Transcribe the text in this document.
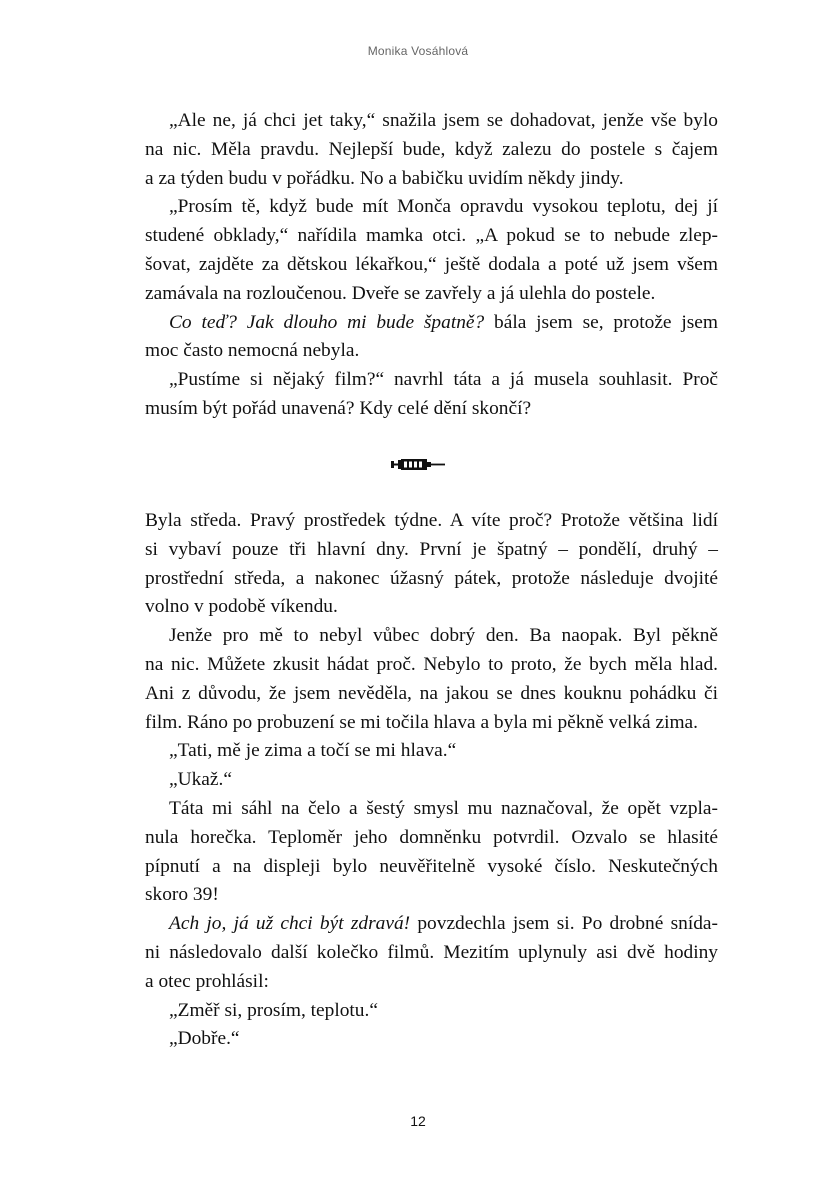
Monika Vosáhlová
„Ale ne, já chci jet taky,“ snažila jsem se dohadovat, jenže vše bylo
na nic. Měla pravdu. Nejlepší bude, když zalezu do postele s čajem
a za týden budu v pořádku. No a babičku uvidím někdy jindy.
„Prosím tě, když bude mít Monča opravdu vysokou teplotu, dej jí
studené obklady,“ nařídila mamka otci. „A pokud se to nebude zlep-
šovat, zajděte za dětskou lékařkou,“ ještě dodala a poté už jsem všem
zamávala na rozloučenou. Dveře se zavřely a já ulehla do postele.
Co teď? Jak dlouho mi bude špatně? bála jsem se, protože jsem
moc často nemocná nebyla.
„Pustíme si nějaký film?“ navrhl táta a já musela souhlasit. Proč
musím být pořád unavená? Kdy celé dění skončí?
Byla středa. Pravý prostředek týdne. A víte proč? Protože většina lidí
si vybaví pouze tři hlavní dny. První je špatný – pondělí, druhý –
prostřední středa, a nakonec úžasný pátek, protože následuje dvojité
volno v podobě víkendu.
Jenže pro mě to nebyl vůbec dobrý den. Ba naopak. Byl pěkně
na nic. Můžete zkusit hádat proč. Nebylo to proto, že bych měla hlad.
Ani z důvodu, že jsem nevěděla, na jakou se dnes kouknu pohádku či
film. Ráno po probuzení se mi točila hlava a byla mi pěkně velká zima.
„Tati, mě je zima a točí se mi hlava.“
„Ukaž.“
Táta mi sáhl na čelo a šestý smysl mu naznačoval, že opět vzpla-
nula horečka. Teploměr jeho domněnku potvrdil. Ozvalo se hlasité
pípnutí a na displeji bylo neuvěřitelně vysoké číslo. Neskutečných
skoro 39!
Ach jo, já už chci být zdravá! povzdechla jsem si. Po drobné snída-
ni následovalo další kolečko filmů. Mezitím uplynuly asi dvě hodiny
a otec prohlásil:
„Změř si, prosím, teplotu.“
„Dobře.“
12
